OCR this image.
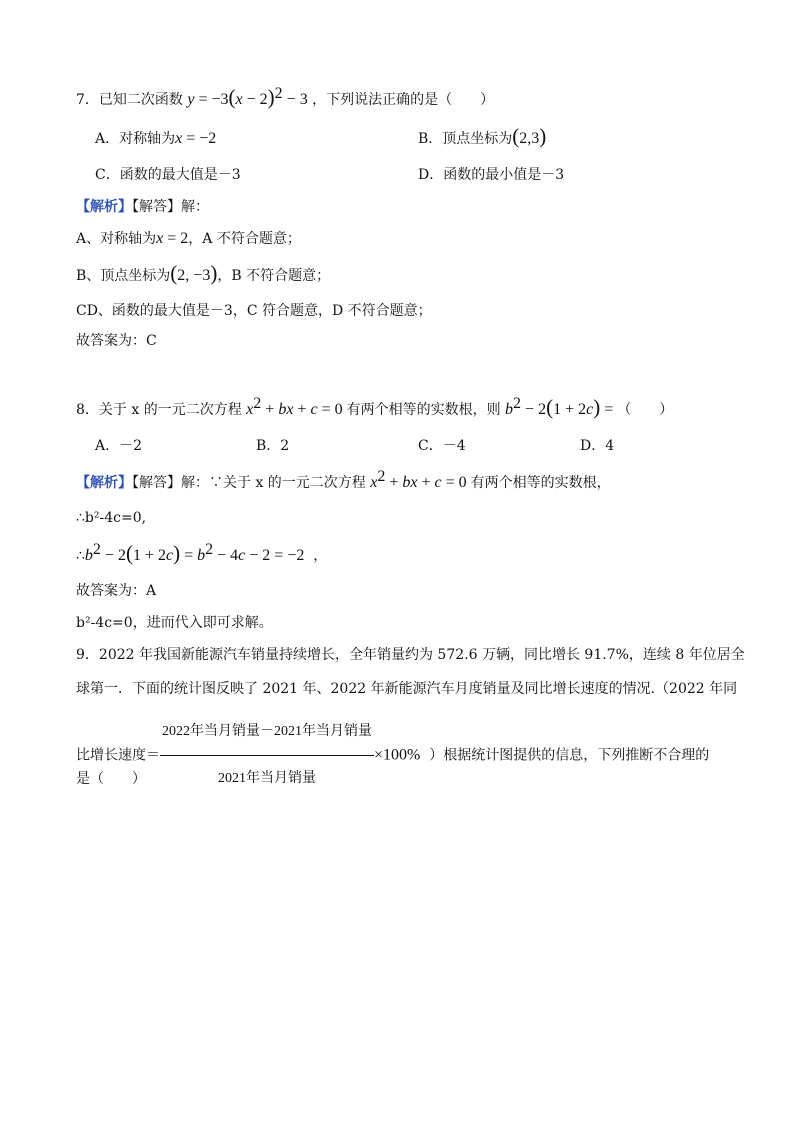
7．已知二次函数 $y = -3(x - 2)^2 - 3$ ，下列说法正确的是（　　）
A．对称轴为x = −2	B．顶点坐标为(2,3)
C．函数的最大值是－3	D．函数的最小值是－3
【解析】【解答】解：
A、对称轴为x = 2，A 不符合题意；
B、顶点坐标为(2, −3)，B 不符合题意；
CD、函数的最大值是－3，C 符合题意，D 不符合题意；
故答案为：C
8．关于 x 的一元二次方程 $x^2$ + bx + c = 0 有两个相等的实数根，则 $b^2 - 2(1 + 2c)$ = （　　）
A．－2	B．2	C．－4	D．4
【解析】【解答】解：∵关于 x 的一元二次方程 $x^2$ + bx + c = 0 有两个相等的实数根，
∴b²-4c=0,
$\therefore b^2 - 2(1 + 2c) = b^2 - 4c - 2 = -2$ ，
故答案为：A
b²-4c=0，进而代入即可求解。
9．2022 年我国新能源汽车销量持续增长，全年销量约为 572.6 万辆，同比增长 91.7%，连续 8 年位居全
球第一．下面的统计图反映了 2021 年、2022 年新能源汽车月度销量及同比增长速度的情况.（2022 年同
比增长速度＝ $\frac{\text{2022年当月销量－2021年当月销量}}{\text{2021年当月销量}} \times 100\%$ ）根据统计图提供的信息，下列推断不合理的
是（　　）
